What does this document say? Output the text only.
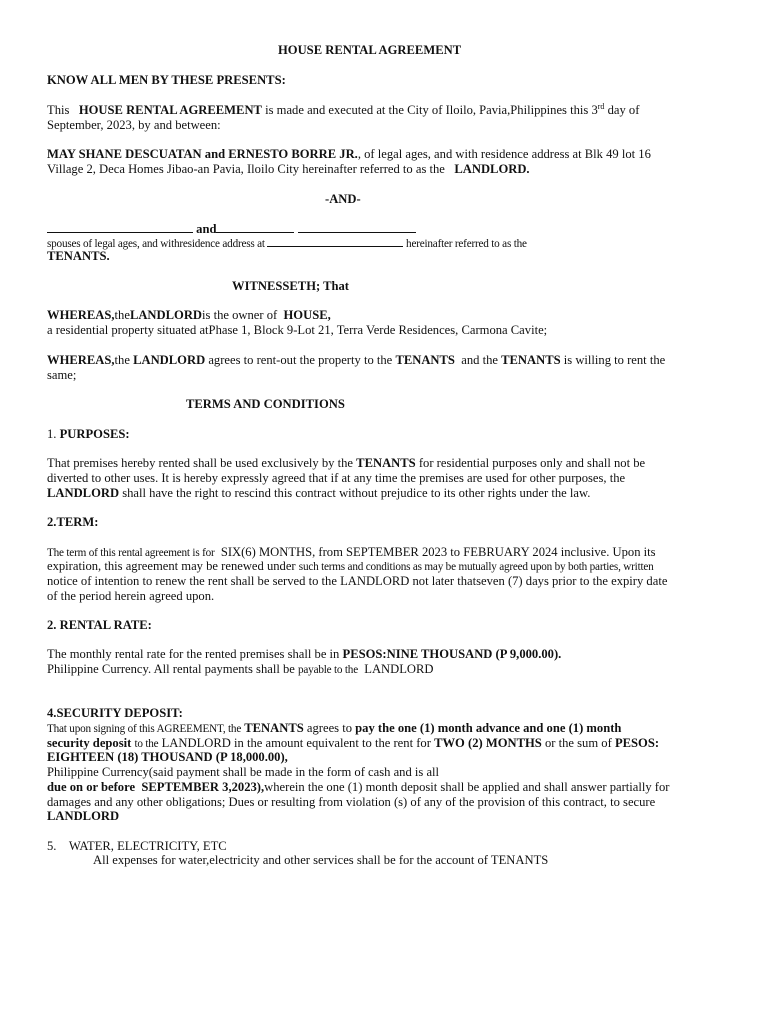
HOUSE RENTAL AGREEMENT
KNOW ALL MEN BY THESE PRESENTS:
This HOUSE RENTAL AGREEMENT is made and executed at the City of Iloilo, Pavia,Philippines this 3rd day of
September, 2023, by and between:
MAY SHANE DESCUATAN and ERNESTO BORRE JR., of legal ages, and with residence address at Blk 49 lot 16
Village 2, Deca Homes Jibao-an Pavia, Iloilo City hereinafter referred to as the LANDLORD.
-AND-
and
spouses of legal ages, and withresidence address at	hereinafter referred to as the
TENANTS.
WITNESSETH; That
WHEREAS,theLANDLORDis the owner of HOUSE,
a residential property situated atPhase 1, Block 9-Lot 21, Terra Verde Residences, Carmona Cavite;
WHEREAS,the LANDLORD agrees to rent-out the property to the TENANTS and the TENANTS is willing to rent the
same;
TERMS AND CONDITIONS
1. PURPOSES:
That premises hereby rented shall be used exclusively by the TENANTS for residential purposes only and shall not be
diverted to other uses. It is hereby expressly agreed that if at any time the premises are used for other purposes, the
LANDLORD shall have the right to rescind this contract without prejudice to its other rights under the law.
2.TERM:
The term of this rental agreement is for SIX(6) MONTHS, from SEPTEMBER 2023 to FEBRUARY 2024 inclusive. Upon its
expiration, this agreement may be renewed under such terms and conditions as may be mutually agreed upon by both parties, written
notice of intention to renew the rent shall be served to the LANDLORD not later thatseven (7) days prior to the expiry date
of the period herein agreed upon.
2. RENTAL RATE:
The monthly rental rate for the rented premises shall be in PESOS:NINE THOUSAND (P 9,000.00).
Philippine Currency. All rental payments shall be payable to the LANDLORD
4.SECURITY DEPOSIT:
That upon signing of this AGREEMENT, the TENANTS agrees to pay the one (1) month advance and one (1) month
security deposit to the LANDLORD in the amount equivalent to the rent for TWO (2) MONTHS or the sum of PESOS:
EIGHTEEN (18) THOUSAND (P 18,000.00),
Philippine Currency(said payment shall be made in the form of cash and is all
due on or before SEPTEMBER 3,2023),wherein the one (1) month deposit shall be applied and shall answer partially for
damages and any other obligations; Dues or resulting from violation (s) of any of the provision of this contract, to secure
LANDLORD
5. WATER, ELECTRICITY, ETC
All expenses for water,electricity and other services shall be for the account of TENANTS
